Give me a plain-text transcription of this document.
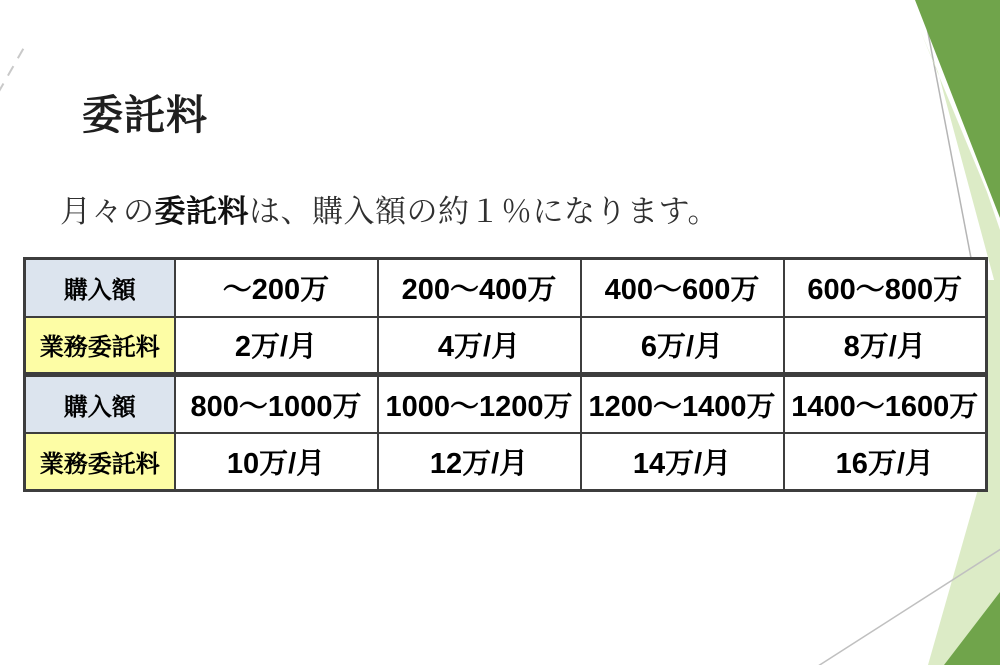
委託料

月々の委託料は、購入額の約１％になります。

購入額	～200万	200～400万	400～600万	600～800万
業務委託料	2万/月	4万/月	6万/月	8万/月
購入額	800～1000万	1000～1200万	1200～1400万	1400～1600万
業務委託料	10万/月	12万/月	14万/月	16万/月
